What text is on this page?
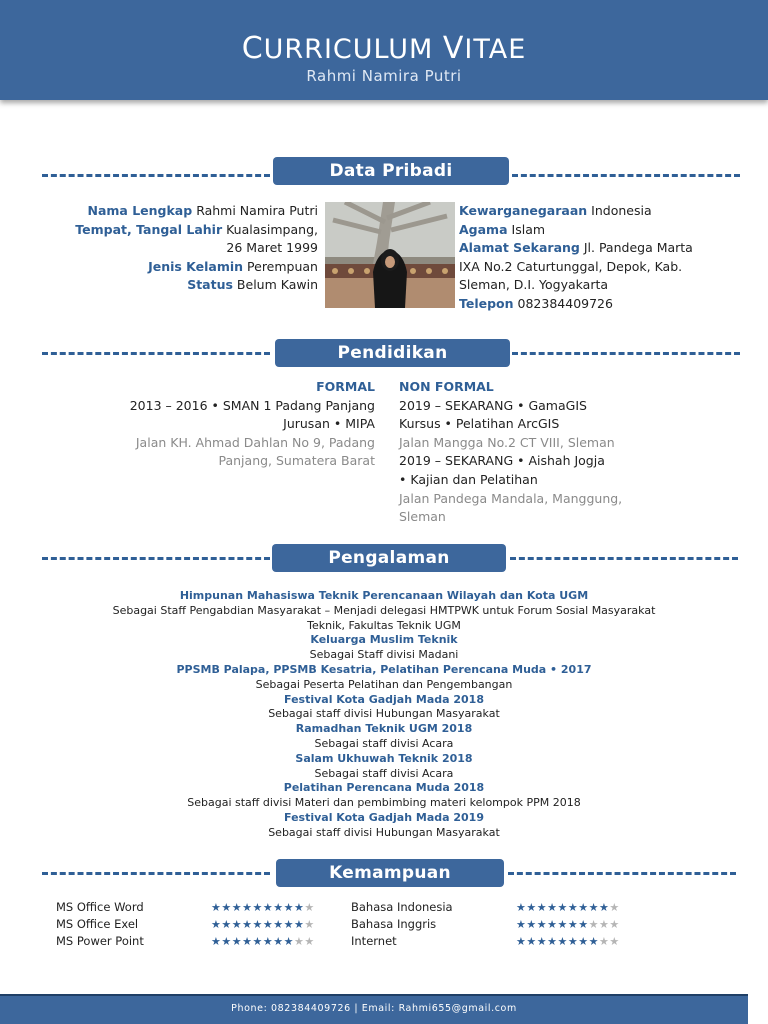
CURRICULUM VITAE
Rahmi Namira Putri
Data Pribadi
Nama Lengkap Rahmi Namira Putri
Tempat, Tangal Lahir Kualasimpang,
26 Maret 1999
Jenis Kelamin Perempuan
Status Belum Kawin
Kewarganegaraan Indonesia
Agama Islam
Alamat Sekarang Jl. Pandega Marta
IXA No.2 Caturtunggal, Depok, Kab.
Sleman, D.I. Yogyakarta
Telepon 082384409726
Pendidikan
FORMAL
2013 – 2016 • SMAN 1 Padang Panjang
Jurusan • MIPA
Jalan KH. Ahmad Dahlan No 9, Padang
Panjang, Sumatera Barat
NON FORMAL
2019 – SEKARANG • GamaGIS
Kursus • Pelatihan ArcGIS
Jalan Mangga No.2 CT VIII, Sleman
2019 – SEKARANG • Aishah Jogja
• Kajian dan Pelatihan
Jalan Pandega Mandala, Manggung,
Sleman
Pengalaman
Himpunan Mahasiswa Teknik Perencanaan Wilayah dan Kota UGM
Sebagai Staff Pengabdian Masyarakat – Menjadi delegasi HMTPWK untuk Forum Sosial Masyarakat
Teknik, Fakultas Teknik UGM
Keluarga Muslim Teknik
Sebagai Staff divisi Madani
PPSMB Palapa, PPSMB Kesatria, Pelatihan Perencana Muda • 2017
Sebagai Peserta Pelatihan dan Pengembangan
Festival Kota Gadjah Mada 2018
Sebagai staff divisi Hubungan Masyarakat
Ramadhan Teknik UGM 2018
Sebagai staff divisi Acara
Salam Ukhuwah Teknik 2018
Sebagai staff divisi Acara
Pelatihan Perencana Muda 2018
Sebagai staff divisi Materi dan pembimbing materi kelompok PPM 2018
Festival Kota Gadjah Mada 2019
Sebagai staff divisi Hubungan Masyarakat
Kemampuan
MS Office Word
MS Office Exel
MS Power Point
★★★★★★★★★★
★★★★★★★★★★
★★★★★★★★★★
Bahasa Indonesia
Bahasa Inggris
Internet
★★★★★★★★★★
★★★★★★★★★★
★★★★★★★★★★
Phone: 082384409726 | Email: Rahmi655@gmail.com
